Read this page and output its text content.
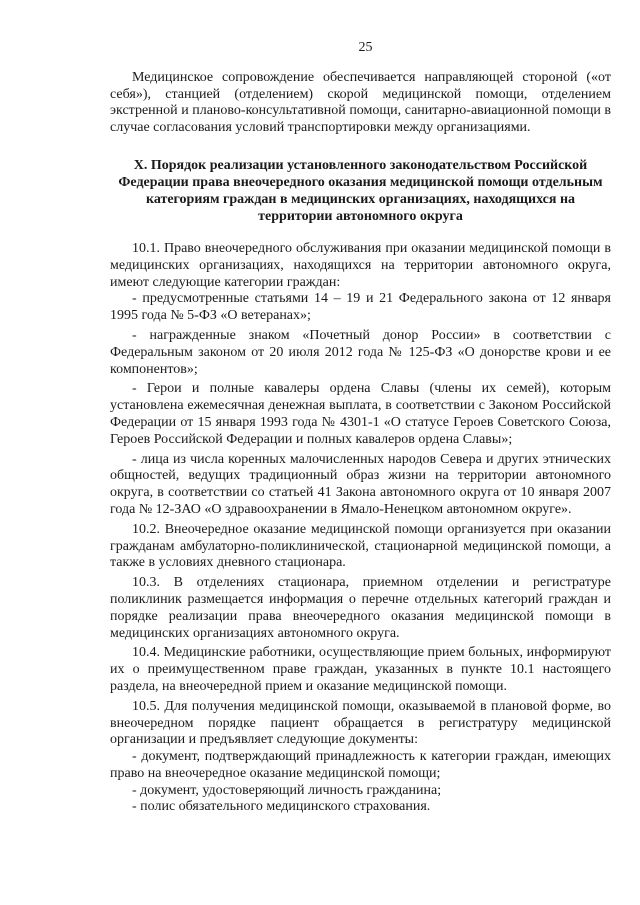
25

Медицинское сопровождение обеспечивается направляющей стороной («от себя»), станцией (отделением) скорой медицинской помощи, отделением экстренной и планово-консультативной помощи, санитарно-авиационной помощи в случае согласования условий транспортировки между организациями.

X. Порядок реализации установленного законодательством Российской Федерации права внеочередного оказания медицинской помощи отдельным категориям граждан в медицинских организациях, находящихся на территории автономного округа

10.1. Право внеочередного обслуживания при оказании медицинской помощи в медицинских организациях, находящихся на территории автономного округа, имеют следующие категории граждан:

- предусмотренные статьями 14 – 19 и 21 Федерального закона от 12 января 1995 года № 5-ФЗ «О ветеранах»;

- награжденные знаком «Почетный донор России» в соответствии с Федеральным законом от 20 июля 2012 года № 125-ФЗ «О донорстве крови и ее компонентов»;

- Герои и полные кавалеры ордена Славы (члены их семей), которым установлена ежемесячная денежная выплата, в соответствии с Законом Российской Федерации от 15 января 1993 года № 4301-1 «О статусе Героев Советского Союза, Героев Российской Федерации и полных кавалеров ордена Славы»;

- лица из числа коренных малочисленных народов Севера и других этнических общностей, ведущих традиционный образ жизни на территории автономного округа, в соответствии со статьей 41 Закона автономного округа от 10 января 2007 года № 12-ЗАО «О здравоохранении в Ямало-Ненецком автономном округе».

10.2. Внеочередное оказание медицинской помощи организуется при оказании гражданам амбулаторно-поликлинической, стационарной медицинской помощи, а также в условиях дневного стационара.

10.3. В отделениях стационара, приемном отделении и регистратуре поликлиник размещается информация о перечне отдельных категорий граждан и порядке реализации права внеочередного оказания медицинской помощи в медицинских организациях автономного округа.

10.4. Медицинские работники, осуществляющие прием больных, информируют их о преимущественном праве граждан, указанных в пункте 10.1 настоящего раздела, на внеочередной прием и оказание медицинской помощи.

10.5. Для получения медицинской помощи, оказываемой в плановой форме, во внеочередном порядке пациент обращается в регистратуру медицинской организации и предъявляет следующие документы:

- документ, подтверждающий принадлежность к категории граждан, имеющих право на внеочередное оказание медицинской помощи;

- документ, удостоверяющий личность гражданина;

- полис обязательного медицинского страхования.
